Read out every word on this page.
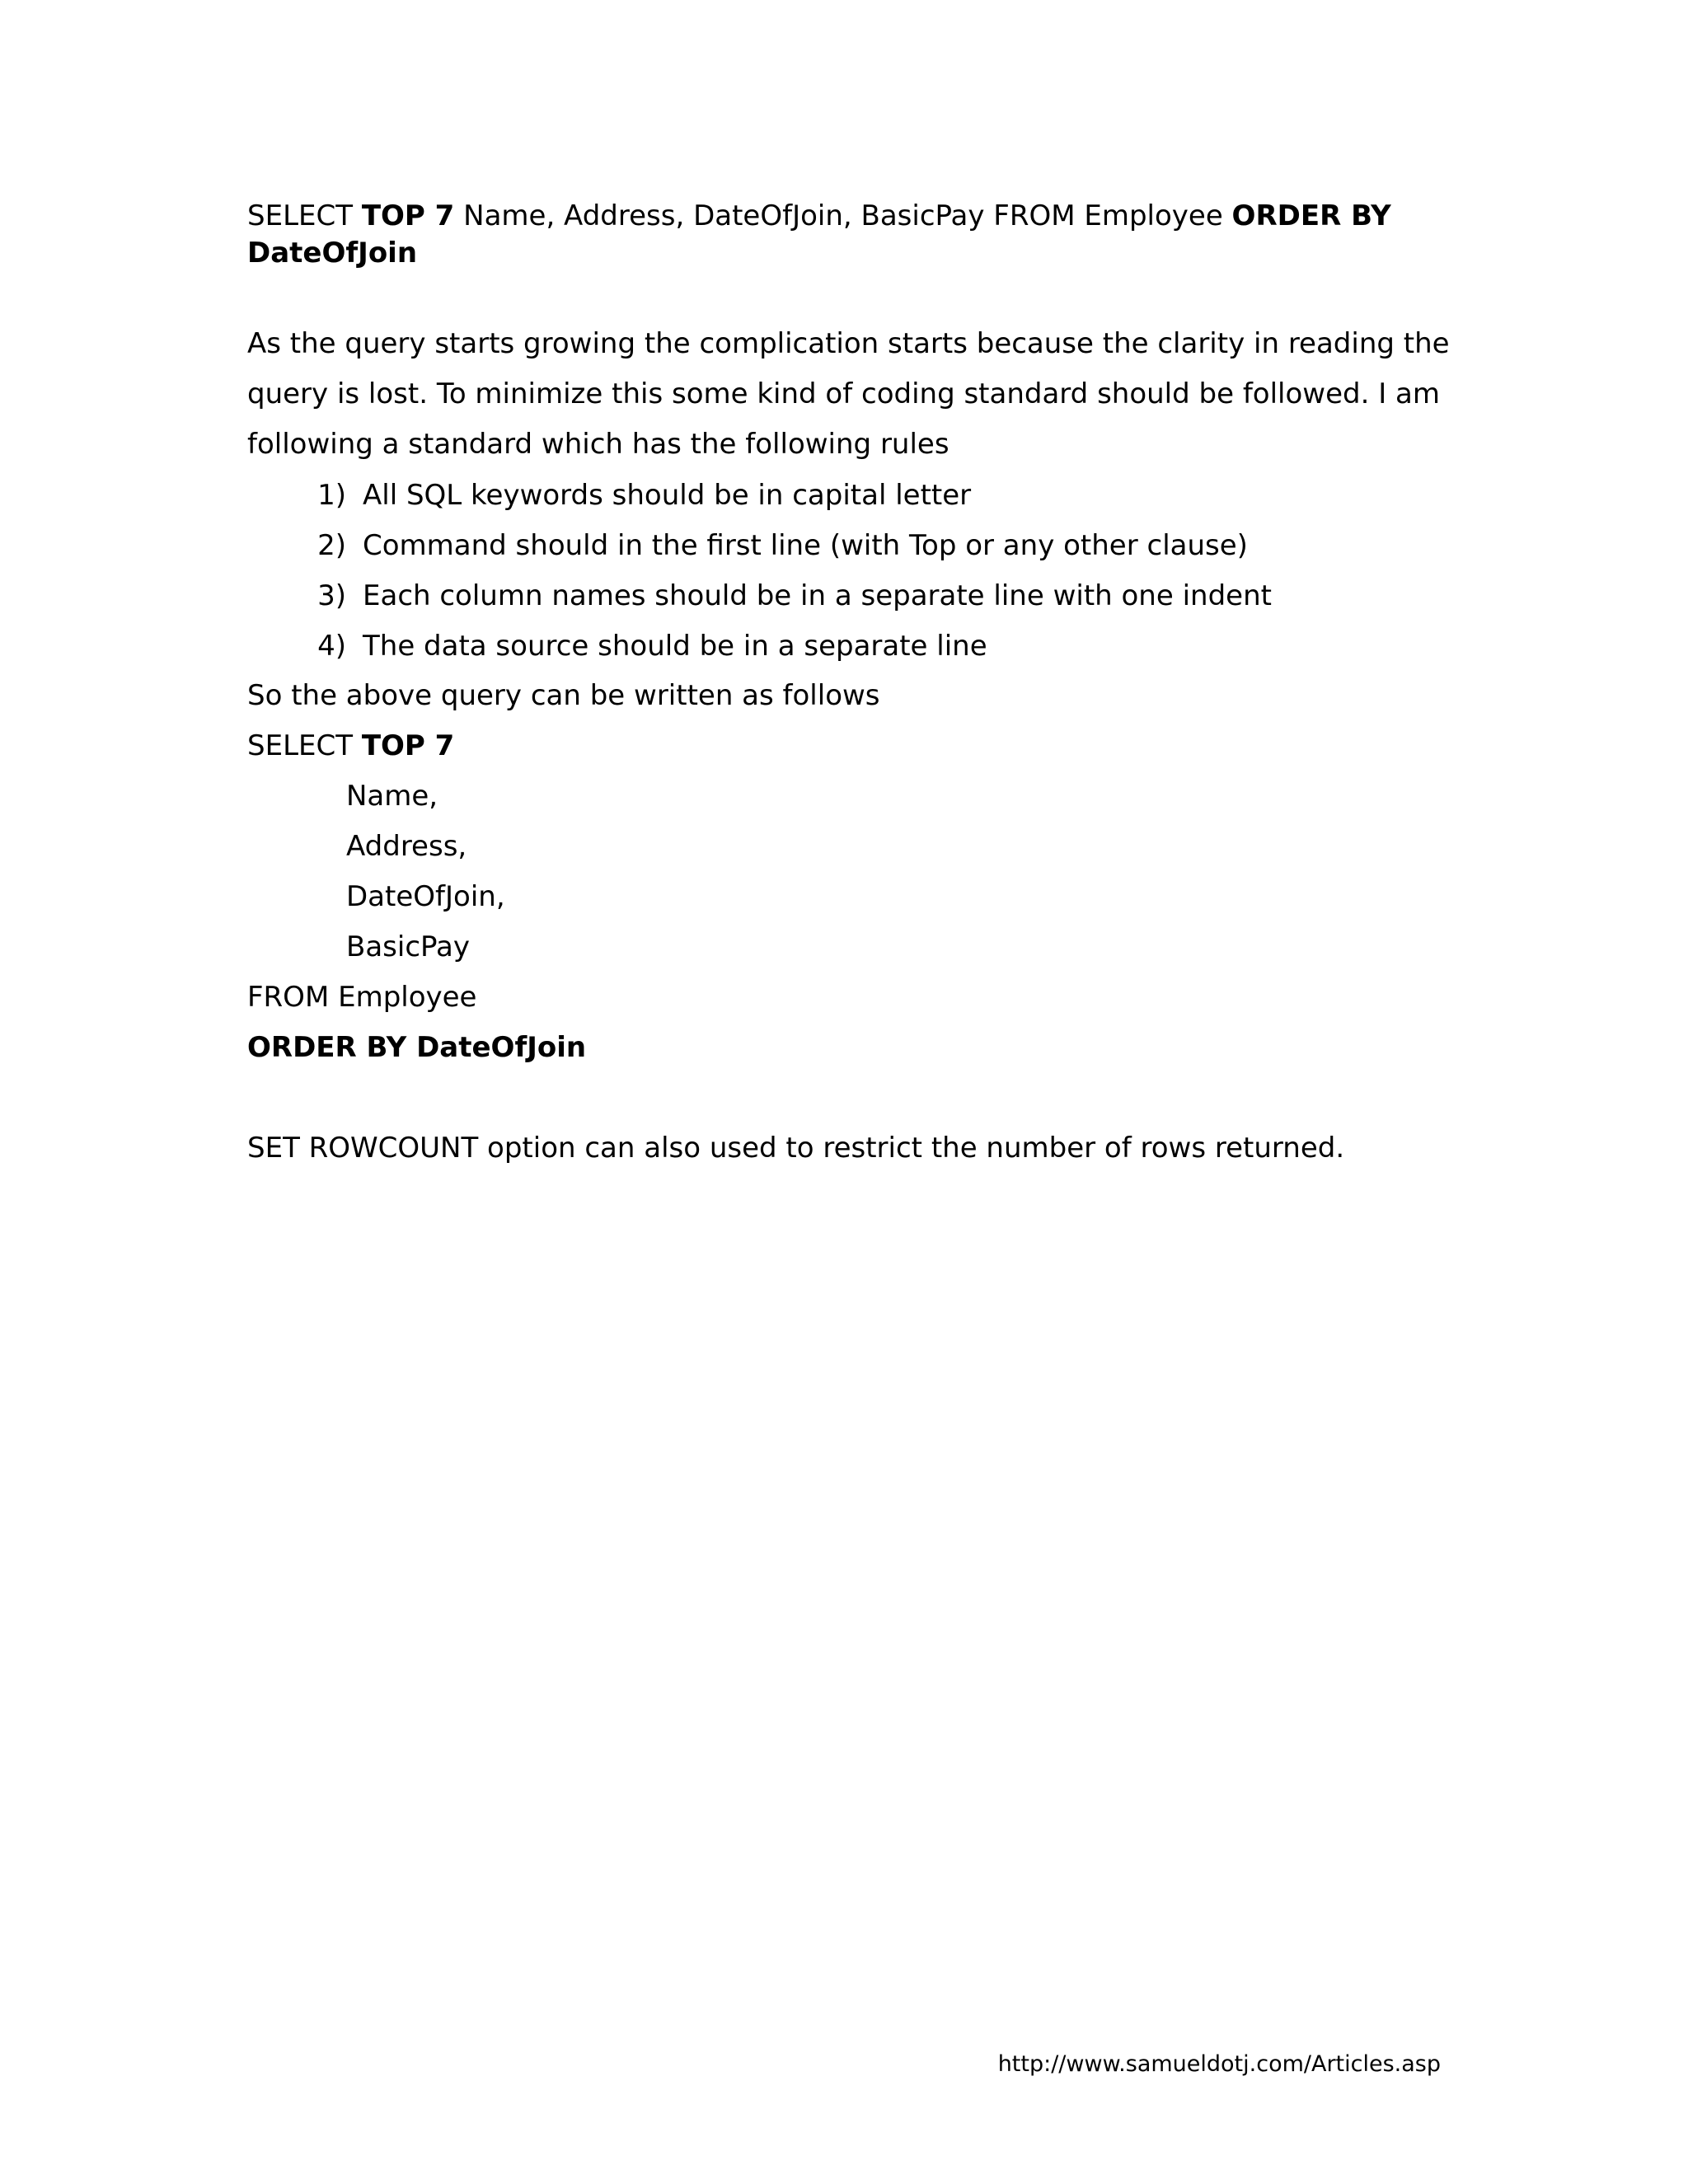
SELECT TOP 7 Name, Address, DateOfJoin, BasicPay FROM Employee ORDER BY DateOfJoin

As the query starts growing the complication starts because the clarity in reading the query is lost. To minimize this some kind of coding standard should be followed. I am following a standard which has the following rules

1) All SQL keywords should be in capital letter
2) Command should in the first line (with Top or any other clause)
3) Each column names should be in a separate line with one indent
4) The data source should be in a separate line
So the above query can be written as follows
SELECT TOP 7
Name,
Address,
DateOfJoin,
BasicPay
FROM Employee
ORDER BY DateOfJoin
SET ROWCOUNT option can also used to restrict the number of rows returned.
http://www.samueldotj.com/Articles.asp
